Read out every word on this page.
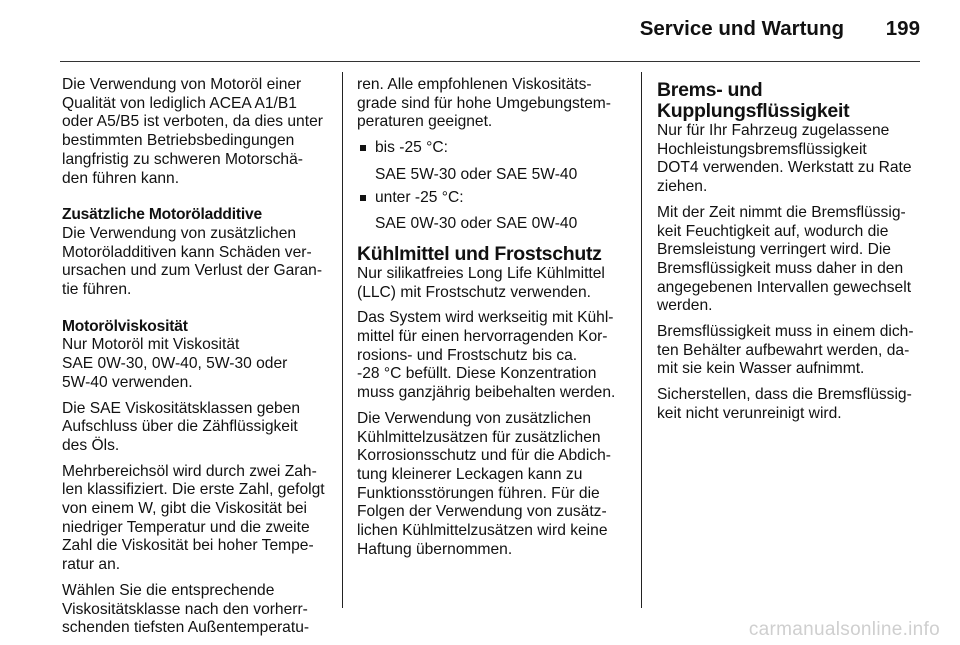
Service und Wartung 199

Die Verwendung von Motoröl einer
Qualität von lediglich ACEA A1/B1
oder A5/B5 ist verboten, da dies unter
bestimmten Betriebsbedingungen
langfristig zu schweren Motorschä-
den führen kann.

Zusätzliche Motoröladditive

Die Verwendung von zusätzlichen
Motoröladditiven kann Schäden ver-
ursachen und zum Verlust der Garan-
tie führen.

Motorölviskosität

Nur Motoröl mit Viskosität
SAE 0W-30, 0W-40, 5W-30 oder
5W-40 verwenden.

Die SAE Viskositätsklassen geben
Aufschluss über die Zähflüssigkeit
des Öls.

Mehrbereichsöl wird durch zwei Zah-
len klassifiziert. Die erste Zahl, gefolgt
von einem W, gibt die Viskosität bei
niedriger Temperatur und die zweite
Zahl die Viskosität bei hoher Tempe-
ratur an.

Wählen Sie die entsprechende
Viskositätsklasse nach den vorherr-
schenden tiefsten Außentemperatu-

ren. Alle empfohlenen Viskositäts-
grade sind für hohe Umgebungstem-
peraturen geeignet.

bis -25 °C:
SAE 5W-30 oder SAE 5W-40
unter -25 °C:
SAE 0W-30 oder SAE 0W-40
Kühlmittel und Frostschutz

Nur silikatfreies Long Life Kühlmittel
(LLC) mit Frostschutz verwenden.

Das System wird werkseitig mit Kühl-
mittel für einen hervorragenden Kor-
rosions- und Frostschutz bis ca.
-28 °C befüllt. Diese Konzentration
muss ganzjährig beibehalten werden.

Die Verwendung von zusätzlichen
Kühlmittelzusätzen für zusätzlichen
Korrosionsschutz und für die Abdich-
tung kleinerer Leckagen kann zu
Funktionsstörungen führen. Für die
Folgen der Verwendung von zusätz-
lichen Kühlmittelzusätzen wird keine
Haftung übernommen.

Brems- und
Kupplungsflüssigkeit

Nur für Ihr Fahrzeug zugelassene
Hochleistungsbremsflüssigkeit
DOT4 verwenden. Werkstatt zu Rate
ziehen.

Mit der Zeit nimmt die Bremsflüssig-
keit Feuchtigkeit auf, wodurch die
Bremsleistung verringert wird. Die
Bremsflüssigkeit muss daher in den
angegebenen Intervallen gewechselt
werden.

Bremsflüssigkeit muss in einem dich-
ten Behälter aufbewahrt werden, da-
mit sie kein Wasser aufnimmt.

Sicherstellen, dass die Bremsflüssig-
keit nicht verunreinigt wird.

carmanualsonline.info
